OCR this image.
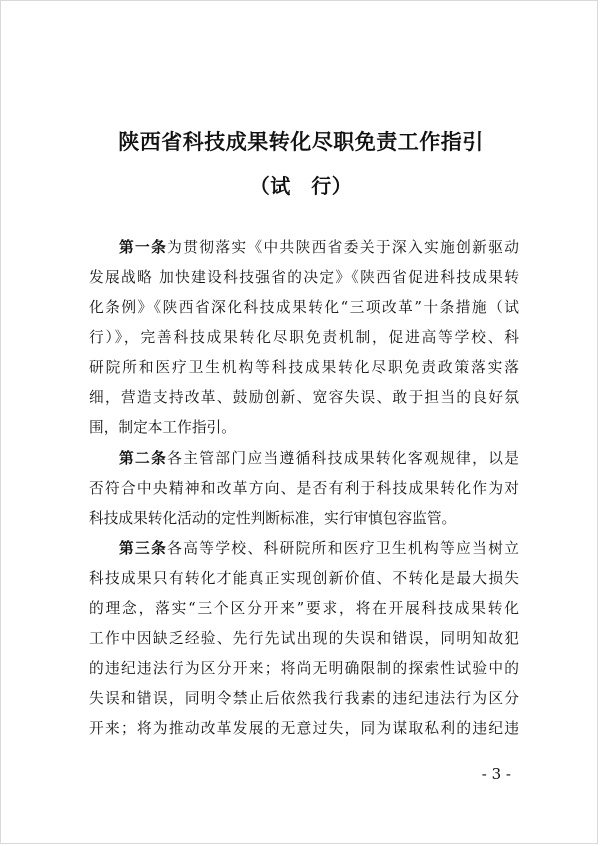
陕西省科技成果转化尽职免责工作指引
（试　行）
第一条为贯彻落实《中共陕西省委关于深入实施创新驱动
发展战略 加快建设科技强省的决定》《陕西省促进科技成果转
化条例》《陕西省深化科技成果转化“三项改革”十条措施（试
行）》，完善科技成果转化尽职免责机制，促进高等学校、科
研院所和医疗卫生机构等科技成果转化尽职免责政策落实落
细，营造支持改革、鼓励创新、宽容失误、敢于担当的良好氛
围，制定本工作指引。
第二条各主管部门应当遵循科技成果转化客观规律，以是
否符合中央精神和改革方向、是否有利于科技成果转化作为对
科技成果转化活动的定性判断标准，实行审慎包容监管。
第三条各高等学校、科研院所和医疗卫生机构等应当树立
科技成果只有转化才能真正实现创新价值、不转化是最大损失
的理念，落实“三个区分开来”要求，将在开展科技成果转化
工作中因缺乏经验、先行先试出现的失误和错误，同明知故犯
的违纪违法行为区分开来；将尚无明确限制的探索性试验中的
失误和错误，同明令禁止后依然我行我素的违纪违法行为区分
开来；将为推动改革发展的无意过失，同为谋取私利的违纪违
- 3 -
